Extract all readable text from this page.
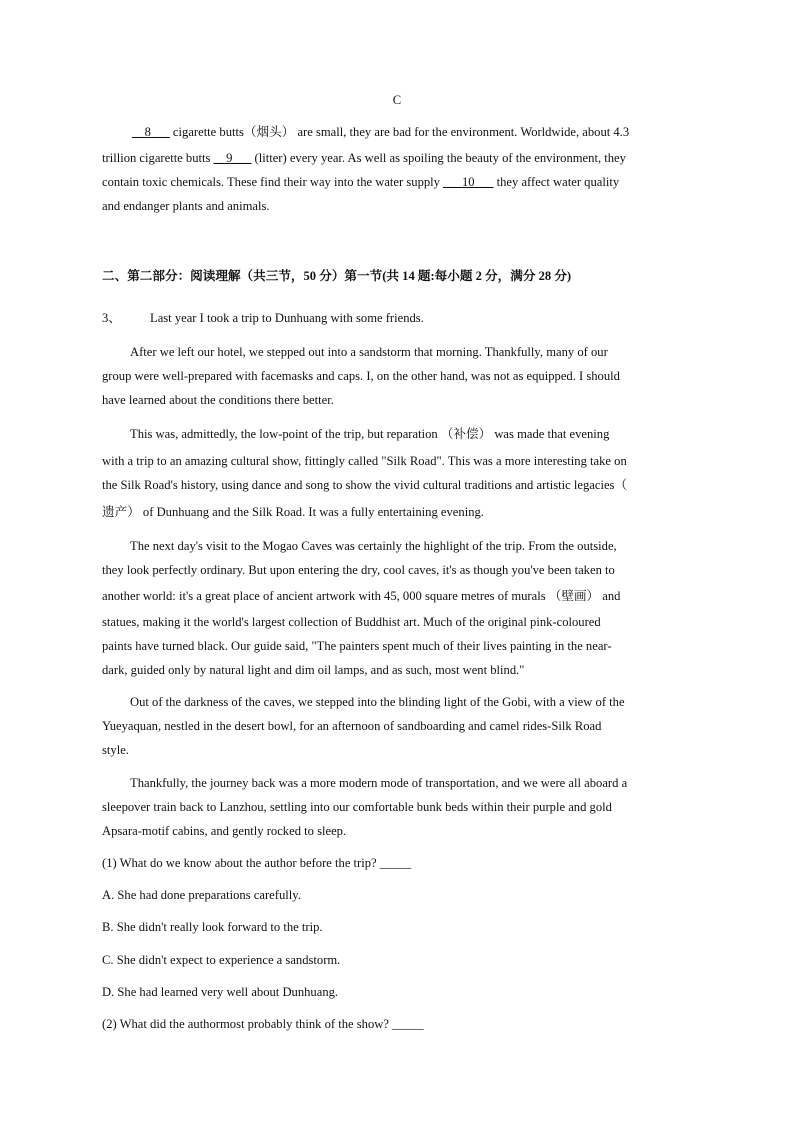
C
__8___ cigarette butts（烟头） are small, they are bad for the environment. Worldwide, about 4.3
trillion cigarette butts __9___ (litter) every year. As well as spoiling the beauty of the environment, they
contain toxic chemicals. These find their way into the water supply ___10___ they affect water quality
and endanger plants and animals.
二、第二部分：阅读理解（共三节，50 分）第一节(共 14 题:每小题 2 分，满分 28 分)
3、 Last year I took a trip to Dunhuang with some friends.
After we left our hotel, we stepped out into a sandstorm that morning. Thankfully, many of our
group were well-prepared with facemasks and caps. I, on the other hand, was not as equipped. I should
have learned about the conditions there better.
This was, admittedly, the low-point of the trip, but reparation （补偿） was made that evening
with a trip to an amazing cultural show, fittingly called "Silk Road". This was a more interesting take on
the Silk Road's history, using dance and song to show the vivid cultural traditions and artistic legacies（
遗产） of Dunhuang and the Silk Road. It was a fully entertaining evening.
The next day's visit to the Mogao Caves was certainly the highlight of the trip. From the outside,
they look perfectly ordinary. But upon entering the dry, cool caves, it's as though you've been taken to
another world: it's a great place of ancient artwork with 45, 000 square metres of murals （壁画） and
statues, making it the world's largest collection of Buddhist art. Much of the original pink-coloured
paints have turned black. Our guide said, "The painters spent much of their lives painting in the near-
dark, guided only by natural light and dim oil lamps, and as such, most went blind."
Out of the darkness of the caves, we stepped into the blinding light of the Gobi, with a view of the
Yueyaquan, nestled in the desert bowl, for an afternoon of sandboarding and camel rides-Silk Road
style.
Thankfully, the journey back was a more modern mode of transportation, and we were all aboard a
sleepover train back to Lanzhou, settling into our comfortable bunk beds within their purple and gold
Apsara-motif cabins, and gently rocked to sleep.
(1) What do we know about the author before the trip? _____
A. She had done preparations carefully.
B. She didn't really look forward to the trip.
C. She didn't expect to experience a sandstorm.
D. She had learned very well about Dunhuang.
(2) What did the authormost probably think of the show? _____
